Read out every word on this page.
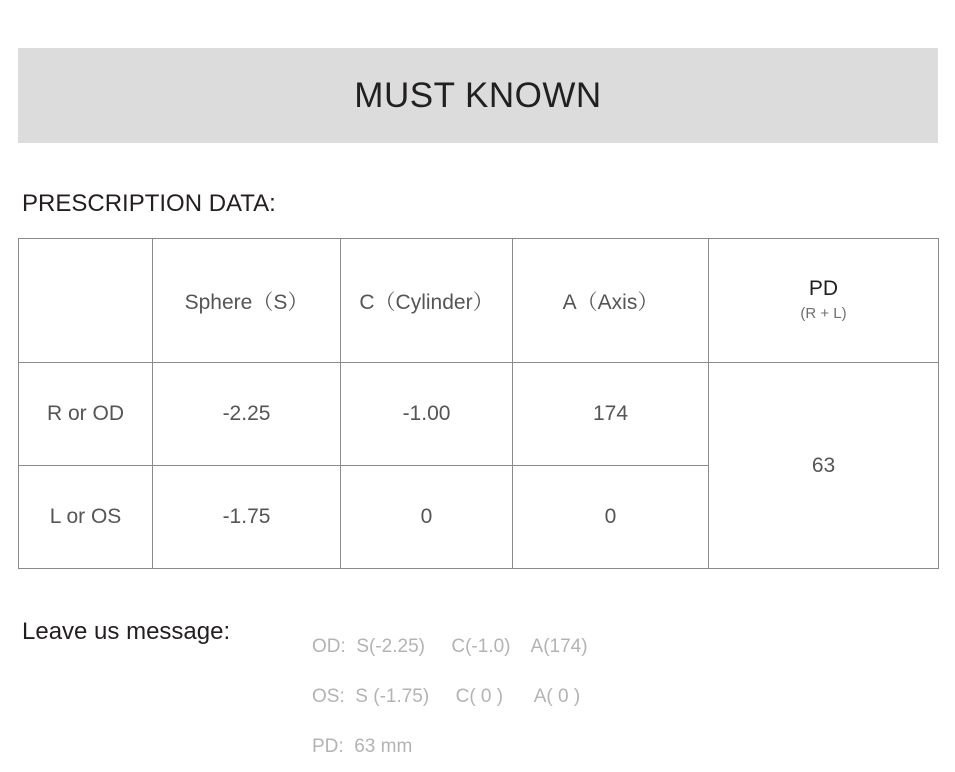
MUST KNOWN
PRESCRIPTION DATA:
	Sphere（S）	C（Cylinder）	A（Axis）	PD
(R + L)

R or OD	-2.25	-1.00	174	63
L or OS	-1.75	0	0	
Leave us message:
OD:  S(-2.25)     C(-1.0)    A(174)
OS:  S (-1.75)     C( 0 )      A( 0 )
PD:  63 mm
